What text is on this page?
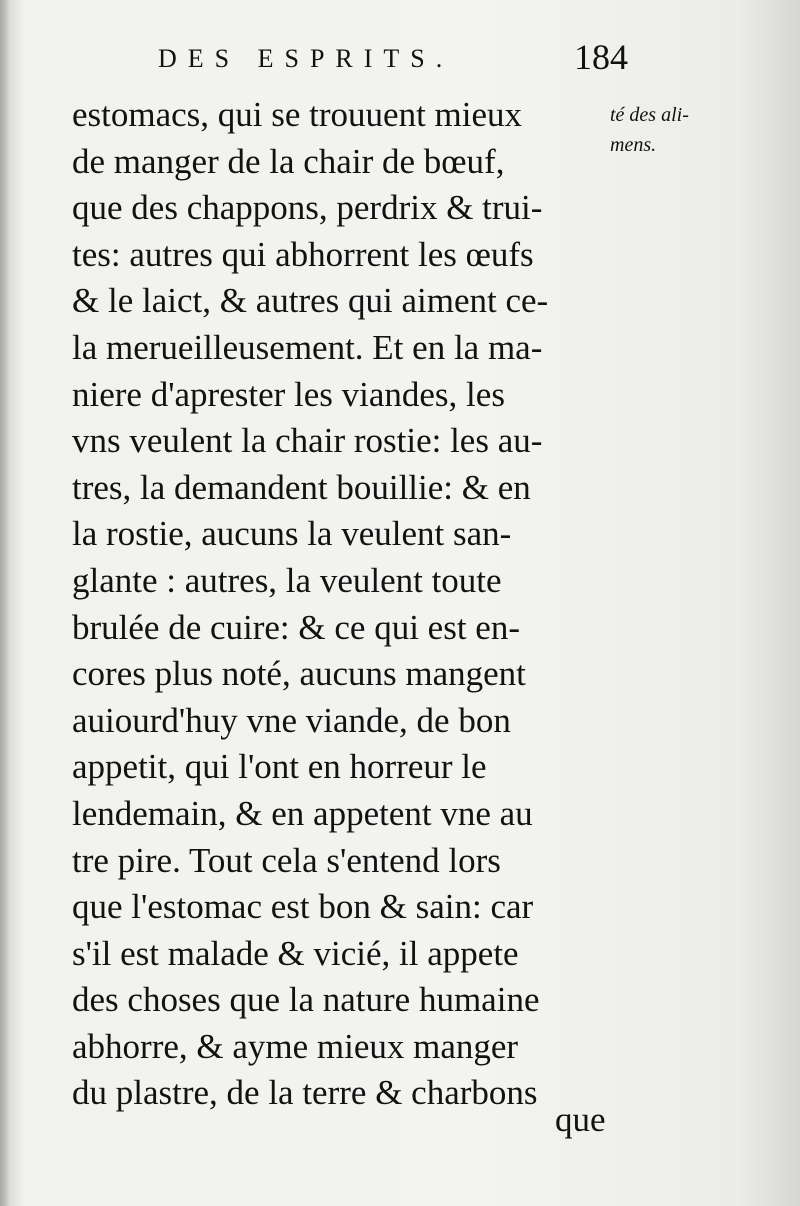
DES ESPRITS.	184
té des ali-
mens.
estomacs, qui se trouuent mieux
de manger de la chair de bœuf,
que des chappons, perdrix & trui-
tes: autres qui abhorrent les œufs
& le laict, & autres qui aiment ce-
la merueilleusement. Et en la ma-
niere d'aprester les viandes, les
vns veulent la chair rostie: les au-
tres, la demandent bouillie: & en
la rostie, aucuns la veulent san-
glante : autres, la veulent toute
brulée de cuire: & ce qui est en-
cores plus noté, aucuns mangent
auiourd'huy vne viande, de bon
appetit, qui l'ont en horreur le
lendemain, & en appetent vne au
tre pire. Tout cela s'entend lors
que l'estomac est bon & sain: car
s'il est malade & vicié, il appete
des choses que la nature humaine
abhorre, & ayme mieux manger
du plastre, de la terre & charbons
que
